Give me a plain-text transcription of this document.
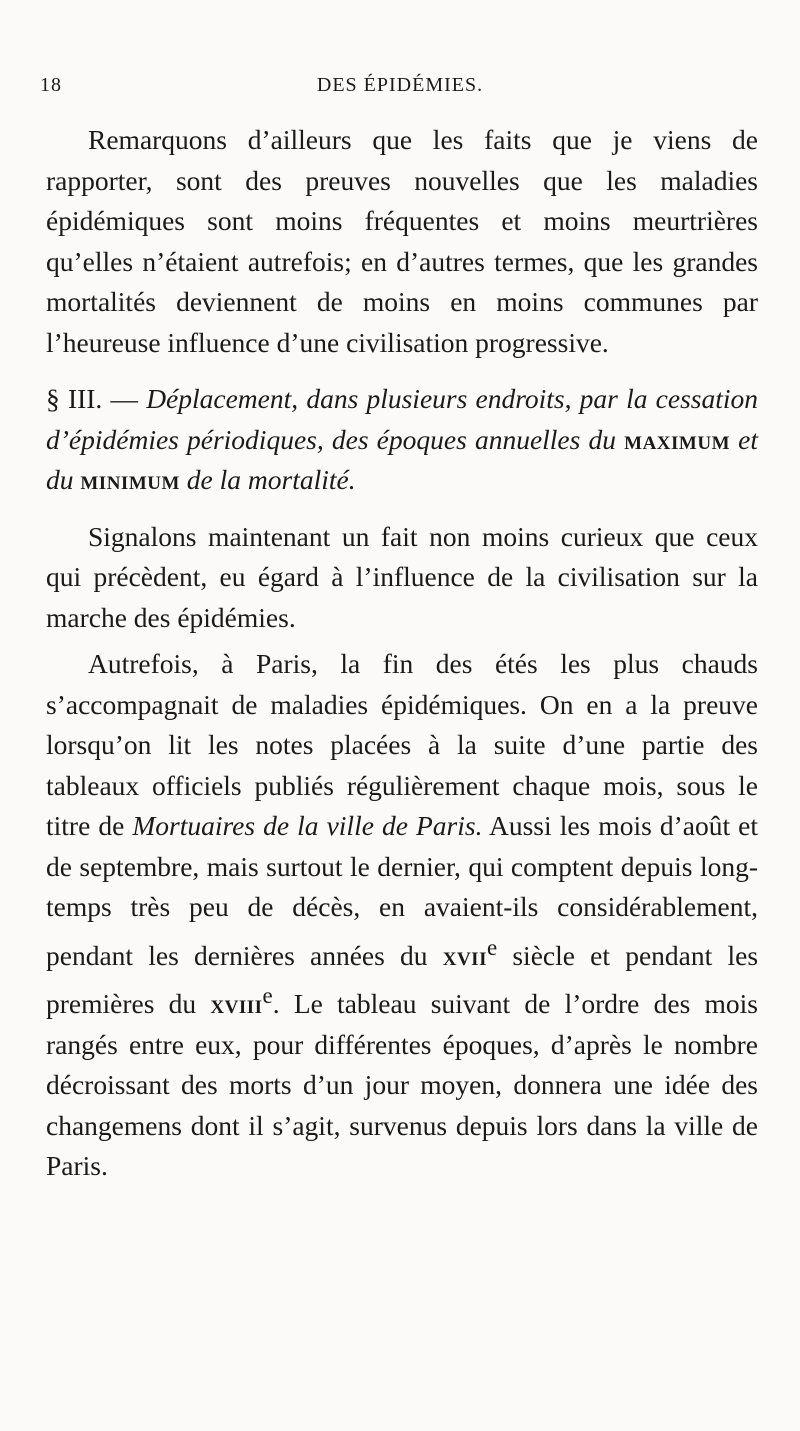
18	DES ÉPIDÉMIES.

Remarquons d’ailleurs que les faits que je viens de rapporter, sont des preuves nouvelles que les maladies épidémiques sont moins fréquentes et moins meurtrières qu’elles n’étaient autrefois; en d’autres termes, que les grandes mortalités deviennent de moins en moins communes par l’heureuse influence d’une civilisation progressive.

§ III. — Déplacement, dans plusieurs endroits, par la cessation d’épidémies périodiques, des époques annuelles du maximum et du minimum de la mortalité.

Signalons maintenant un fait non moins curieux que ceux qui précèdent, eu égard à l’influence de la civilisation sur la marche des épidémies.

Autrefois, à Paris, la fin des étés les plus chauds s’accompagnait de maladies épidémiques. On en a la preuve lorsqu’on lit les notes placées à la suite d’une partie des tableaux officiels publiés régulièrement chaque mois, sous le titre de Mortuaires de la ville de Paris. Aussi les mois d’août et de septembre, mais surtout le dernier, qui comptent depuis long-temps très peu de décès, en avaient-ils considérablement, pendant les dernières années du xvii$^e$ siècle et pendant les premières du xviii$^e$. Le tableau suivant de l’ordre des mois rangés entre eux, pour différentes époques, d’après le nombre décroissant des morts d’un jour moyen, donnera une idée des changemens dont il s’agit, survenus depuis lors dans la ville de Paris.
